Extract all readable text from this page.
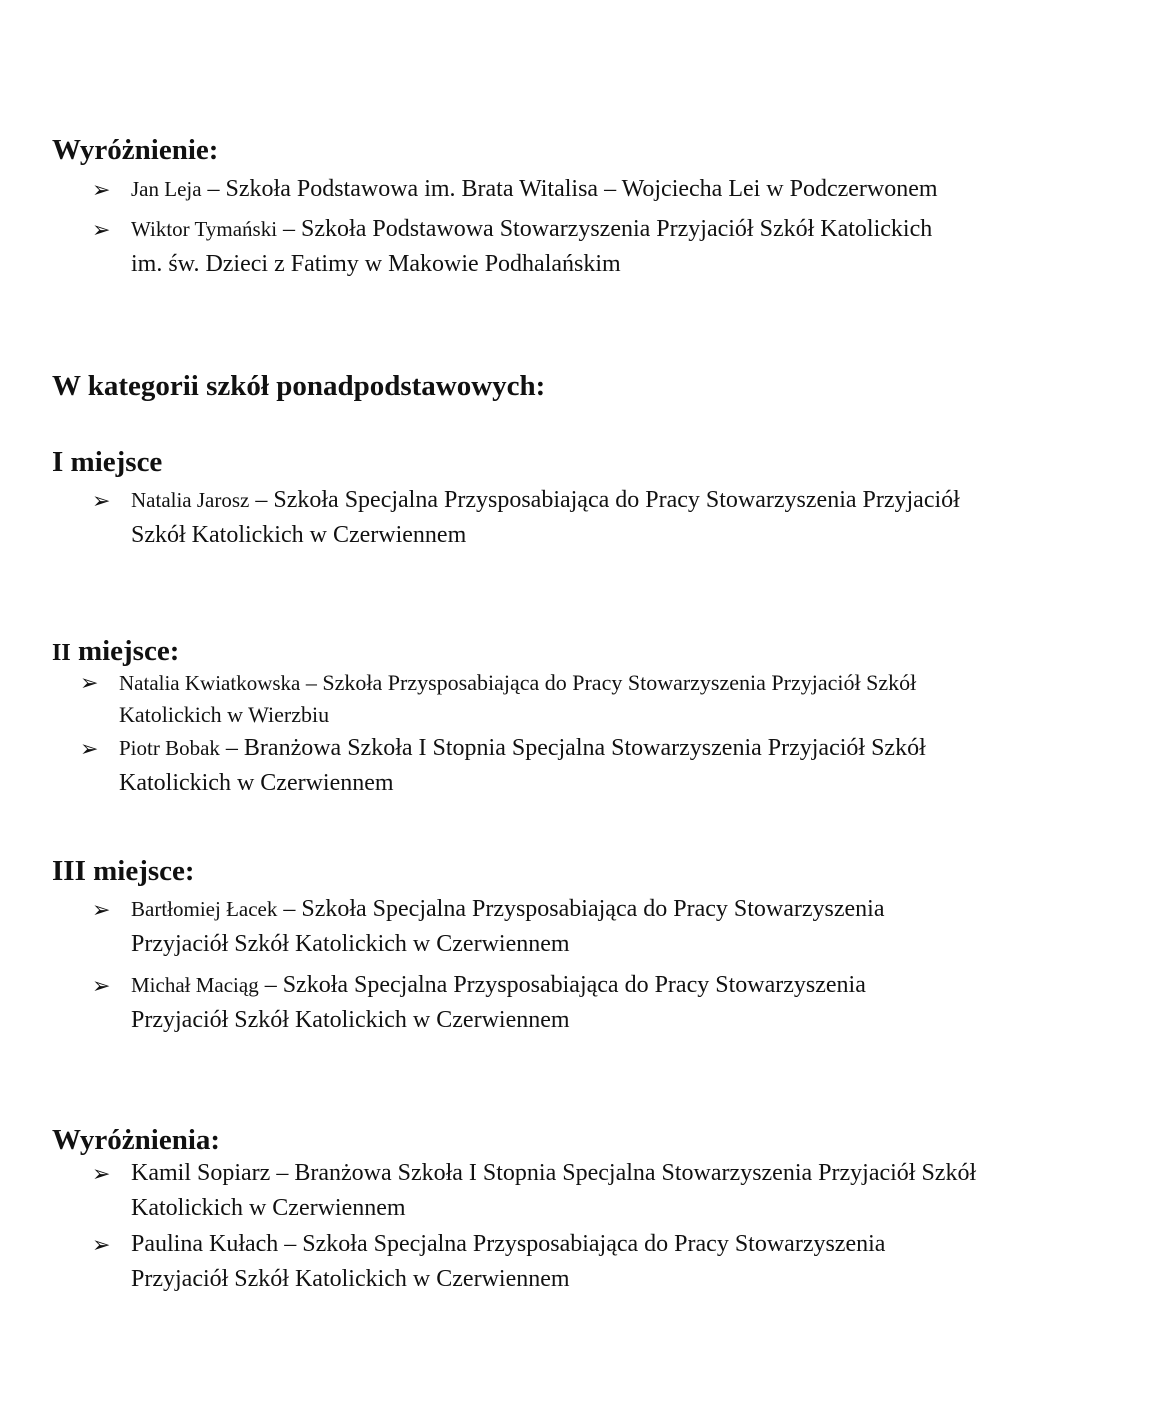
Wyróżnienie:
➢ Jan Leja – Szkoła Podstawowa im. Brata Witalisa – Wojciecha Lei w Podczerwonem
➢ Wiktor Tymański – Szkoła Podstawowa Stowarzyszenia Przyjaciół Szkół Katolickich
im. św. Dzieci z Fatimy w Makowie Podhalańskim
W kategorii szkół ponadpodstawowych:
I miejsce
➢ Natalia Jarosz – Szkoła Specjalna Przysposabiająca do Pracy Stowarzyszenia Przyjaciół
Szkół Katolickich w Czerwiennem
II miejsce:
➢ Natalia Kwiatkowska – Szkoła Przysposabiająca do Pracy Stowarzyszenia Przyjaciół Szkół
Katolickich w Wierzbiu
➢ Piotr Bobak – Branżowa Szkoła I Stopnia Specjalna Stowarzyszenia Przyjaciół Szkół
Katolickich w Czerwiennem
III miejsce:
➢ Bartłomiej Łacek – Szkoła Specjalna Przysposabiająca do Pracy Stowarzyszenia
Przyjaciół Szkół Katolickich w Czerwiennem
➢ Michał Maciąg – Szkoła Specjalna Przysposabiająca do Pracy Stowarzyszenia
Przyjaciół Szkół Katolickich w Czerwiennem
Wyróżnienia:
➢ Kamil Sopiarz – Branżowa Szkoła I Stopnia Specjalna Stowarzyszenia Przyjaciół Szkół
Katolickich w Czerwiennem
➢ Paulina Kułach – Szkoła Specjalna Przysposabiająca do Pracy Stowarzyszenia
Przyjaciół Szkół Katolickich w Czerwiennem
